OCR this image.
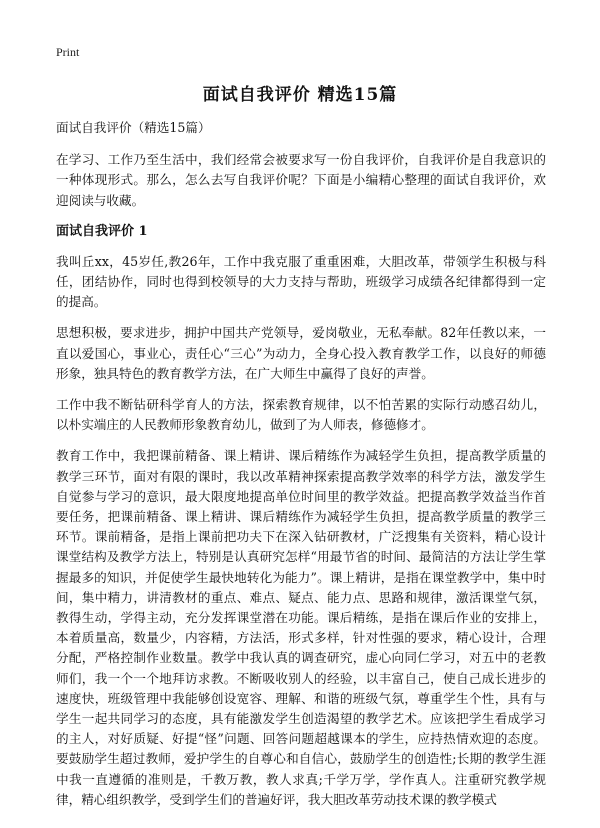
Print
面试自我评价 精选15篇

面试自我评价（精选15篇）

在学习、工作乃至生活中，我们经常会被要求写一份自我评价，自我评价是自我意识的一种体现形式。那么，怎么去写自我评价呢？下面是小编精心整理的面试自我评价，欢迎阅读与收藏。

面试自我评价 1

我叫丘xx，45岁任,教26年，工作中我克服了重重困难，大胆改革，带领学生积极与科任，团结协作，同时也得到校领导的大力支持与帮助，班级学习成绩各纪律都得到一定的提高。

思想积极，要求进步，拥护中国共产党领导，爱岗敬业，无私奉献。82年任教以来，一直以爱国心，事业心，责任心“三心”为动力，全身心投入教育教学工作，以良好的师德形象，独具特色的教育教学方法，在广大师生中赢得了良好的声誉。

工作中我不断钻研科学育人的方法，探索教育规律，以不怕苦累的实际行动感召幼儿，以朴实端庄的人民教师形象教育幼儿，做到了为人师表，修德修才。

教育工作中，我把课前精备、课上精讲、课后精练作为减轻学生负担，提高教学质量的教学三环节，面对有限的课时，我以改革精神探索提高教学效率的科学方法，激发学生自觉参与学习的意识，最大限度地提高单位时间里的教学效益。把提高教学效益当作首要任务，把课前精备、课上精讲、课后精练作为减轻学生负担，提高教学质量的教学三环节。课前精备，是指上课前把功夫下在深入钻研教材，广泛搜集有关资料，精心设计课堂结构及教学方法上，特别是认真研究怎样“用最节省的时间、最简洁的方法让学生掌握最多的知识，并促使学生最快地转化为能力”。课上精讲，是指在课堂教学中，集中时间，集中精力，讲清教材的重点、难点、疑点、能力点、思路和规律，激活课堂气氛，教得生动，学得主动，充分发挥课堂潜在功能。课后精练，是指在课后作业的安排上，本着质量高，数量少，内容精，方法活，形式多样，针对性强的要求，精心设计，合理分配，严格控制作业数量。教学中我认真的调查研究，虚心向同仁学习，对五中的老教师们，我一个一个地拜访求教。不断吸收别人的经验，以丰富自己，使自己成长进步的速度快，班级管理中我能够创设宽容、理解、和谐的班级气氛，尊重学生个性，具有与学生一起共同学习的态度，具有能激发学生创造渴望的教学艺术。应该把学生看成学习的主人，对好质疑、好提“怪”问题、回答问题超越课本的学生，应持热情欢迎的态度。要鼓励学生超过教师，爱护学生的自尊心和自信心，鼓励学生的创造性;长期的教学生涯中我一直遵循的准则是，千教万教，教人求真;千学万学，学作真人。注重研究教学规律，精心组织教学，受到学生们的普遍好评，我大胆改革劳动技术课的教学模式
